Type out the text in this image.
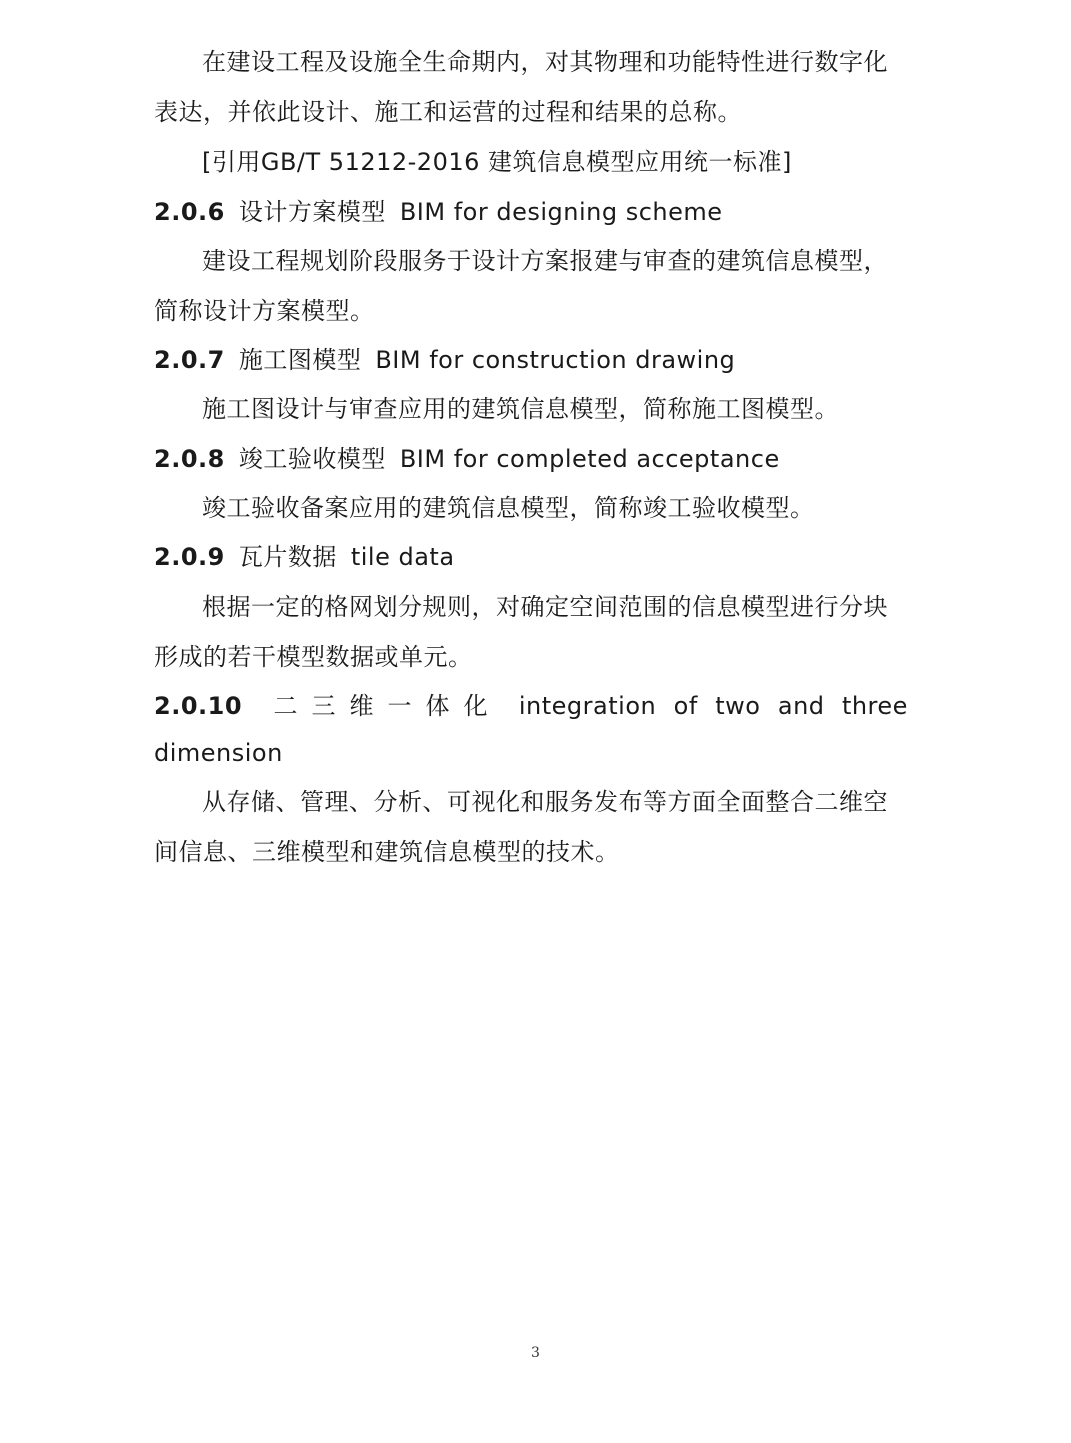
在建设工程及设施全生命期内，对其物理和功能特性进行数字化
表达，并依此设计、施工和运营的过程和结果的总称。
[引用GB/T 51212-2016 建筑信息模型应用统一标准]
2.0.6 设计方案模型 BIM for designing scheme
建设工程规划阶段服务于设计方案报建与审查的建筑信息模型，
简称设计方案模型。
2.0.7 施工图模型 BIM for construction drawing
施工图设计与审查应用的建筑信息模型，简称施工图模型。
2.0.8 竣工验收模型 BIM for completed acceptance
竣工验收备案应用的建筑信息模型，简称竣工验收模型。
2.0.9 瓦片数据 tile data
根据一定的格网划分规则，对确定空间范围的信息模型进行分块
形成的若干模型数据或单元。
2.0.10 二三维一体化 integration of two and three
dimension
从存储、管理、分析、可视化和服务发布等方面全面整合二维空
间信息、三维模型和建筑信息模型的技术。
3
